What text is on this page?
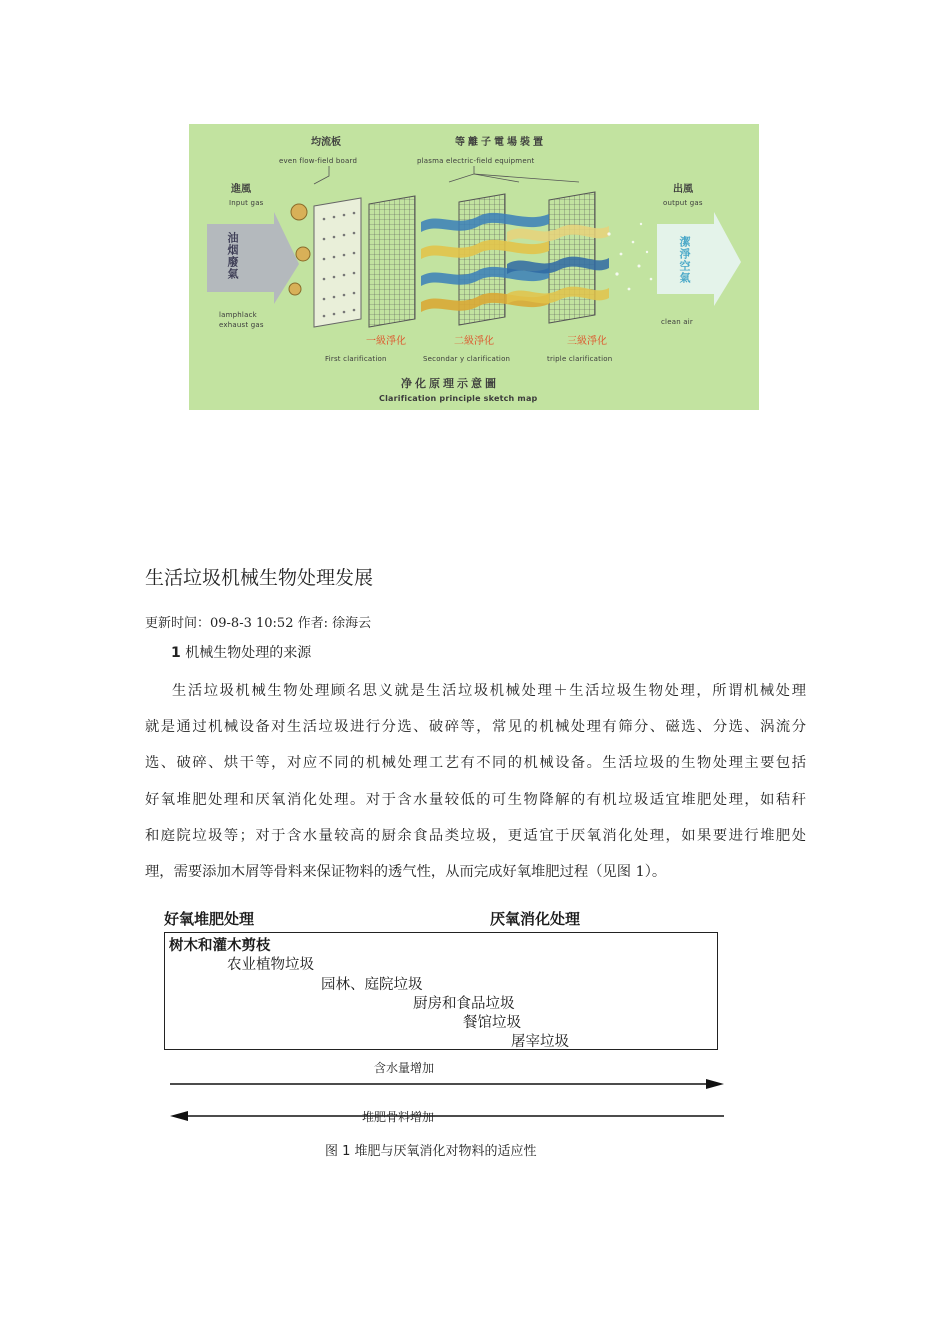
均流板
even flow-field board
等離子電場裝置
plasma electric-field equipment
進風
Input gas
油烟廢氣
lamphlack
exhaust gas
出風
output gas
潔淨空氣
clean air
一級淨化	二級淨化	三級淨化
First clarification	Secondar y clarification	triple clarification
净化原理示意圖
Clarification principle sketch map
生活垃圾机械生物处理发展
更新时间：09-8-3 10:52 作者: 徐海云
1 机械生物处理的来源
生活垃圾机械生物处理顾名思义就是生活垃圾机械处理＋生活垃圾生物处理，所谓机械处理
就是通过机械设备对生活垃圾进行分选、破碎等，常见的机械处理有筛分、磁选、分选、涡流分
选、破碎、烘干等，对应不同的机械处理工艺有不同的机械设备。生活垃圾的生物处理主要包括
好氧堆肥处理和厌氧消化处理。对于含水量较低的可生物降解的有机垃圾适宜堆肥处理，如秸秆
和庭院垃圾等；对于含水量较高的厨余食品类垃圾，更适宜于厌氧消化处理，如果要进行堆肥处
理，需要添加木屑等骨料来保证物料的透气性，从而完成好氧堆肥过程（见图 1）。
好氧堆肥处理	厌氧消化处理
树木和灌木剪枝
农业植物垃圾
园林、庭院垃圾
厨房和食品垃圾
餐馆垃圾
屠宰垃圾
含水量增加
堆肥骨料增加
图 1 堆肥与厌氧消化对物料的适应性
